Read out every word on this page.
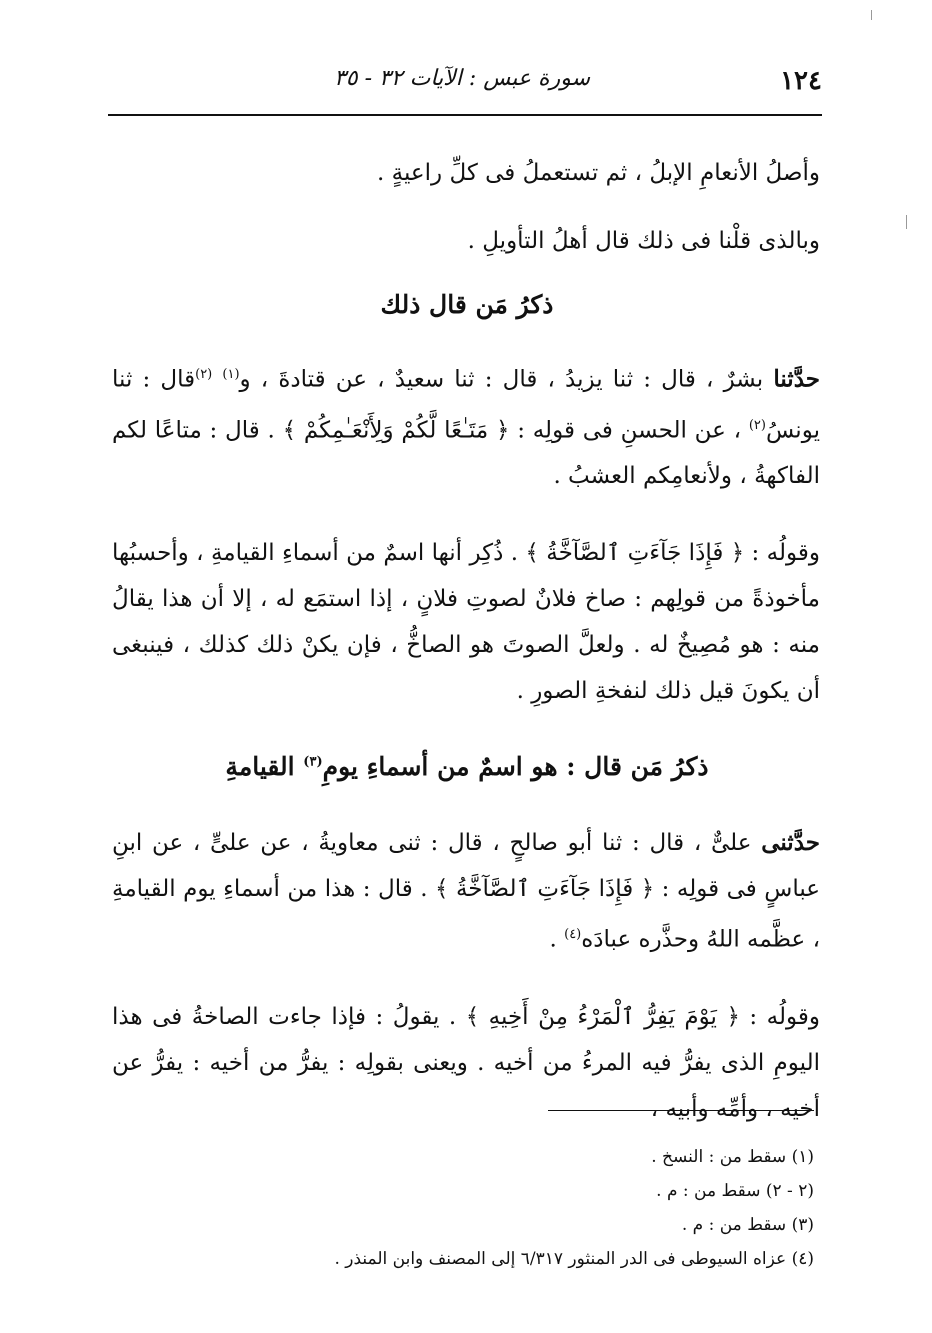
١٢٤
سورة عبس : الآيات ٣٢ - ٣٥
وأصلُ الأنعامِ الإبلُ ، ثم تستعملُ فى كلِّ راعيةٍ .
وبالذى قلْنا فى ذلك قال أهلُ التأويلِ .
ذكرُ مَن قال ذلك
حدَّثنا بشرٌ ، قال : ثنا يزيدُ ، قال : ثنا سعيدٌ ، عن قتادةَ ، و$^{(١)}$ $^{(٢)}$قال : ثنا يونسُ$^{(٢)}$ ، عن الحسنِ فى قولِه : ﴿ مَتَـٰعًا لَّكُمْ وَلِأَنْعَـٰمِكُمْ ﴾ . قال : متاعًا لكم الفاكهةُ ، ولأنعامِكم العشبُ .
وقولُه : ﴿ فَإِذَا جَآءَتِ ٱلصَّآخَّةُ ﴾ . ذُكِر أنها اسمٌ من أسماءِ القيامةِ ، وأحسبُها مأخوذةً من قولِهم : صاخ فلانٌ لصوتِ فلانٍ ، إذا استمَع له ، إلا أن هذا يقالُ منه : هو مُصِيخٌ له . ولعلَّ الصوتَ هو الصاخُّ ، فإن يكنْ ذلك كذلك ، فينبغى أن يكونَ قيل ذلك لنفخةِ الصورِ .
ذكرُ مَن قال : هو اسمٌ من أسماءِ يومِ$^{(٣)}$ القيامةِ
حدَّثنى علىٌّ ، قال : ثنا أبو صالحٍ ، قال : ثنى معاويةُ ، عن علىٍّ ، عن ابنِ عباسٍ فى قولِه : ﴿ فَإِذَا جَآءَتِ ٱلصَّآخَّةُ ﴾ . قال : هذا من أسماءِ يوم القيامةِ ، عظَّمه اللهُ وحذَّره عبادَه$^{(٤)}$ .
وقولُه : ﴿ يَوْمَ يَفِرُّ ٱلْمَرْءُ مِنْ أَخِيهِ ﴾ . يقولُ : فإذا جاءت الصاخةُ فى هذا اليومِ الذى يفرُّ فيه المرءُ من أخيه . ويعنى بقولِه : يفرُّ من أخيه : يفرُّ عن أخيه ، وأمِّه وأبيه ،
(١) سقط من : النسخ .
(٢ - ٢) سقط من : م .
(٣) سقط من : م .
(٤) عزاه السيوطى فى الدر المنثور ٦/٣١٧ إلى المصنف وابن المنذر .
